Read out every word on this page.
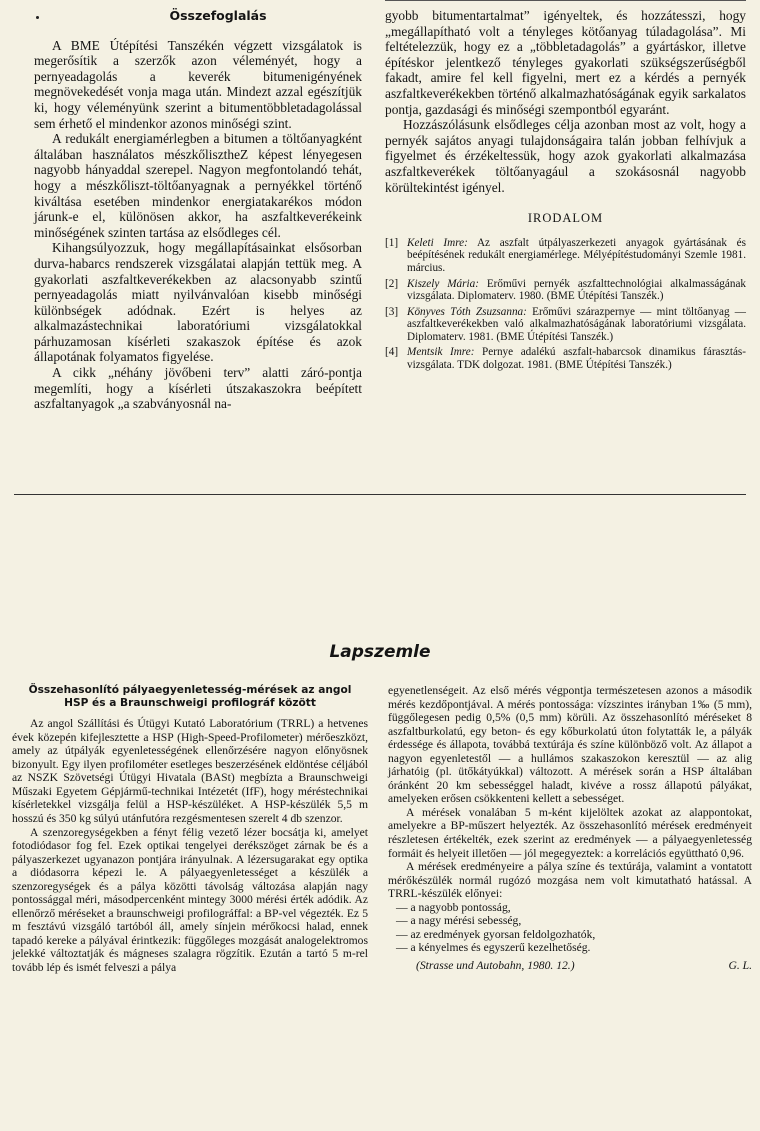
Összefoglalás

A BME Útépítési Tanszékén végzett vizsgálatok is megerősítik a szerzők azon véleményét, hogy a pernyeadagolás a keverék bitumenigényének megnövekedését vonja maga után. Mindezt azzal egészítjük ki, hogy véleményünk szerint a bitumentöbbletadagolással sem érhető el mindenkor azonos minőségi szint.

A redukált energiamérlegben a bitumen a töltőanyagként általában használatos mészkőlisztheZ képest lényegesen nagyobb hányaddal szerepel. Nagyon megfontolandó tehát, hogy a mészkőliszt-töltőanyagnak a pernyékkel történő kiváltása esetében mindenkor energiatakarékos módon járunk-e el, különösen akkor, ha aszfaltkeverékeink minőségének szinten tartása az elsődleges cél.

Kihangsúlyozzuk, hogy megállapításainkat elsősorban durva-habarcs rendszerek vizsgálatai alapján tettük meg. A gyakorlati aszfaltkeverékekben az alacsonyabb szintű pernyeadagolás miatt nyilvánvalóan kisebb minőségi különbségek adódnak. Ezért is helyes az alkalmazástechnikai laboratóriumi vizsgálatokkal párhuzamosan kísérleti szakaszok építése és azok állapotának folyamatos figyelése.

A cikk „néhány jövőbeni terv” alatti záró-pontja megemlíti, hogy a kísérleti útszakaszokra beépített aszfaltanyagok „a szabványosnál na-

gyobb bitumentartalmat” igényeltek, és hozzátesszi, hogy „megállapítható volt a tényleges kötőanyag túladagolása”. Mi feltételezzük, hogy ez a „többletadagolás” a gyártáskor, illetve építéskor jelentkező tényleges gyakorlati szükségszerűségből fakadt, amire fel kell figyelni, mert ez a kérdés a pernyék aszfaltkeverékekben történő alkalmazhatóságának egyik sarkalatos pontja, gazdasági és minőségi szempontból egyaránt.

Hozzászólásunk elsődleges célja azonban most az volt, hogy a pernyék sajátos anyagi tulajdonságaira talán jobban felhívjuk a figyelmet és érzékeltessük, hogy azok gyakorlati alkalmazása aszfaltkeverékek töltőanyagául a szokásosnál nagyobb körültekintést igényel.

IRODALOM
[1] Keleti Imre: Az aszfalt útpályaszerkezeti anyagok gyártásának és beépítésének redukált energiamérlege. Mélyépítéstudományi Szemle 1981. március.
[2] Kiszely Mária: Erőművi pernyék aszfalttechnológiai alkalmasságának vizsgálata. Diplomaterv. 1980. (BME Útépítési Tanszék.)
[3] Könyves Tóth Zsuzsanna: Erőművi szárazpernye — mint töltőanyag — aszfaltkeverékekben való alkalmazhatóságának laboratóriumi vizsgálata. Diplomaterv. 1981. (BME Útépítési Tanszék.)
[4] Mentsik Imre: Pernye adalékú aszfalt-habarcsok dinamikus fárasztás-vizsgálata. TDK dolgozat. 1981. (BME Útépítési Tanszék.)
Lapszemle
Összehasonlító pályaegyenletesség-mérések az angol
HSP és a Braunschweigi profilográf között

Az angol Szállítási és Útügyi Kutató Laboratórium (TRRL) a hetvenes évek közepén kifejlesztette a HSP (High-Speed-Profilometer) mérőeszközt, amely az útpályák egyenletességének ellenőrzésére nagyon előnyösnek bizonyult. Egy ilyen profilométer esetleges beszerzésének eldöntése céljából az NSZK Szövetségi Útügyi Hivatala (BASt) megbízta a Braunschweigi Műszaki Egyetem Gépjármű-technikai Intézetét (IfF), hogy méréstechnikai kísérletekkel vizsgálja felül a HSP-készüléket. A HSP-készülék 5,5 m hosszú és 350 kg súlyú utánfutóra rezgésmentesen szerelt 4 db szenzor.

A szenzoregységekben a fényt félig vezető lézer bocsátja ki, amelyet fotodiódasor fog fel. Ezek optikai tengelyei derékszöget zárnak be és a pályaszerkezet ugyanazon pontjára irányulnak. A lézersugarakat egy optika a diódasorra képezi le. A pályaegyenletességet a készülék a szenzoregységek és a pálya közötti távolság változása alapján nagy pontossággal méri, másodpercenként mintegy 3000 mérési érték adódik. Az ellenőrző méréseket a braunschweigi profilográffal: a BP-vel végezték. Ez 5 m fesztávú vizsgáló tartóból áll, amely sínjein mérőkocsi halad, ennek tapadó kereke a pályával érintkezik: függőleges mozgását analogelektromos jelekké változtatják és mágneses szalagra rögzítik. Ezután a tartó 5 m-rel tovább lép és ismét felveszi a pálya

egyenetlenségeit. Az első mérés végpontja természetesen azonos a második mérés kezdőpontjával. A mérés pontossága: vízszintes irányban 1‰ (5 mm), függőlegesen pedig 0,5% (0,5 mm) körüli. Az összehasonlító méréseket 8 aszfaltburkolatú, egy beton- és egy kőburkolatú úton folytatták le, a pályák érdessége és állapota, továbbá textúrája és színe különböző volt. Az állapot a nagyon egyenletestől — a hullámos szakaszokon keresztül — az alig járhatóig (pl. ütőkátyúkkal) változott. A mérések során a HSP általában óránként 20 km sebességgel haladt, kivéve a rossz állapotú pályákat, amelyeken erősen csökkenteni kellett a sebességet.

A mérések vonalában 5 m-ként kijelöltek azokat az alappontokat, amelyekre a BP-műszert helyezték. Az összehasonlító mérések eredményeit részletesen értékelték, ezek szerint az eredmények — a pályaegyenletesség formáit és helyeit illetően — jól megegyeztek: a korrelációs együttható 0,96.

A mérések eredményeire a pálya színe és textúrája, valamint a vontatott mérőkészülék normál rugózó mozgása nem volt kimutatható hatással. A TRRL-készülék előnyei:

— a nagyobb pontosság,
— a nagy mérési sebesség,
— az eredmények gyorsan feldolgozhatók,
— a kényelmes és egyszerű kezelhetőség.
(Strasse und Autobahn, 1980. 12.)	G. L.
